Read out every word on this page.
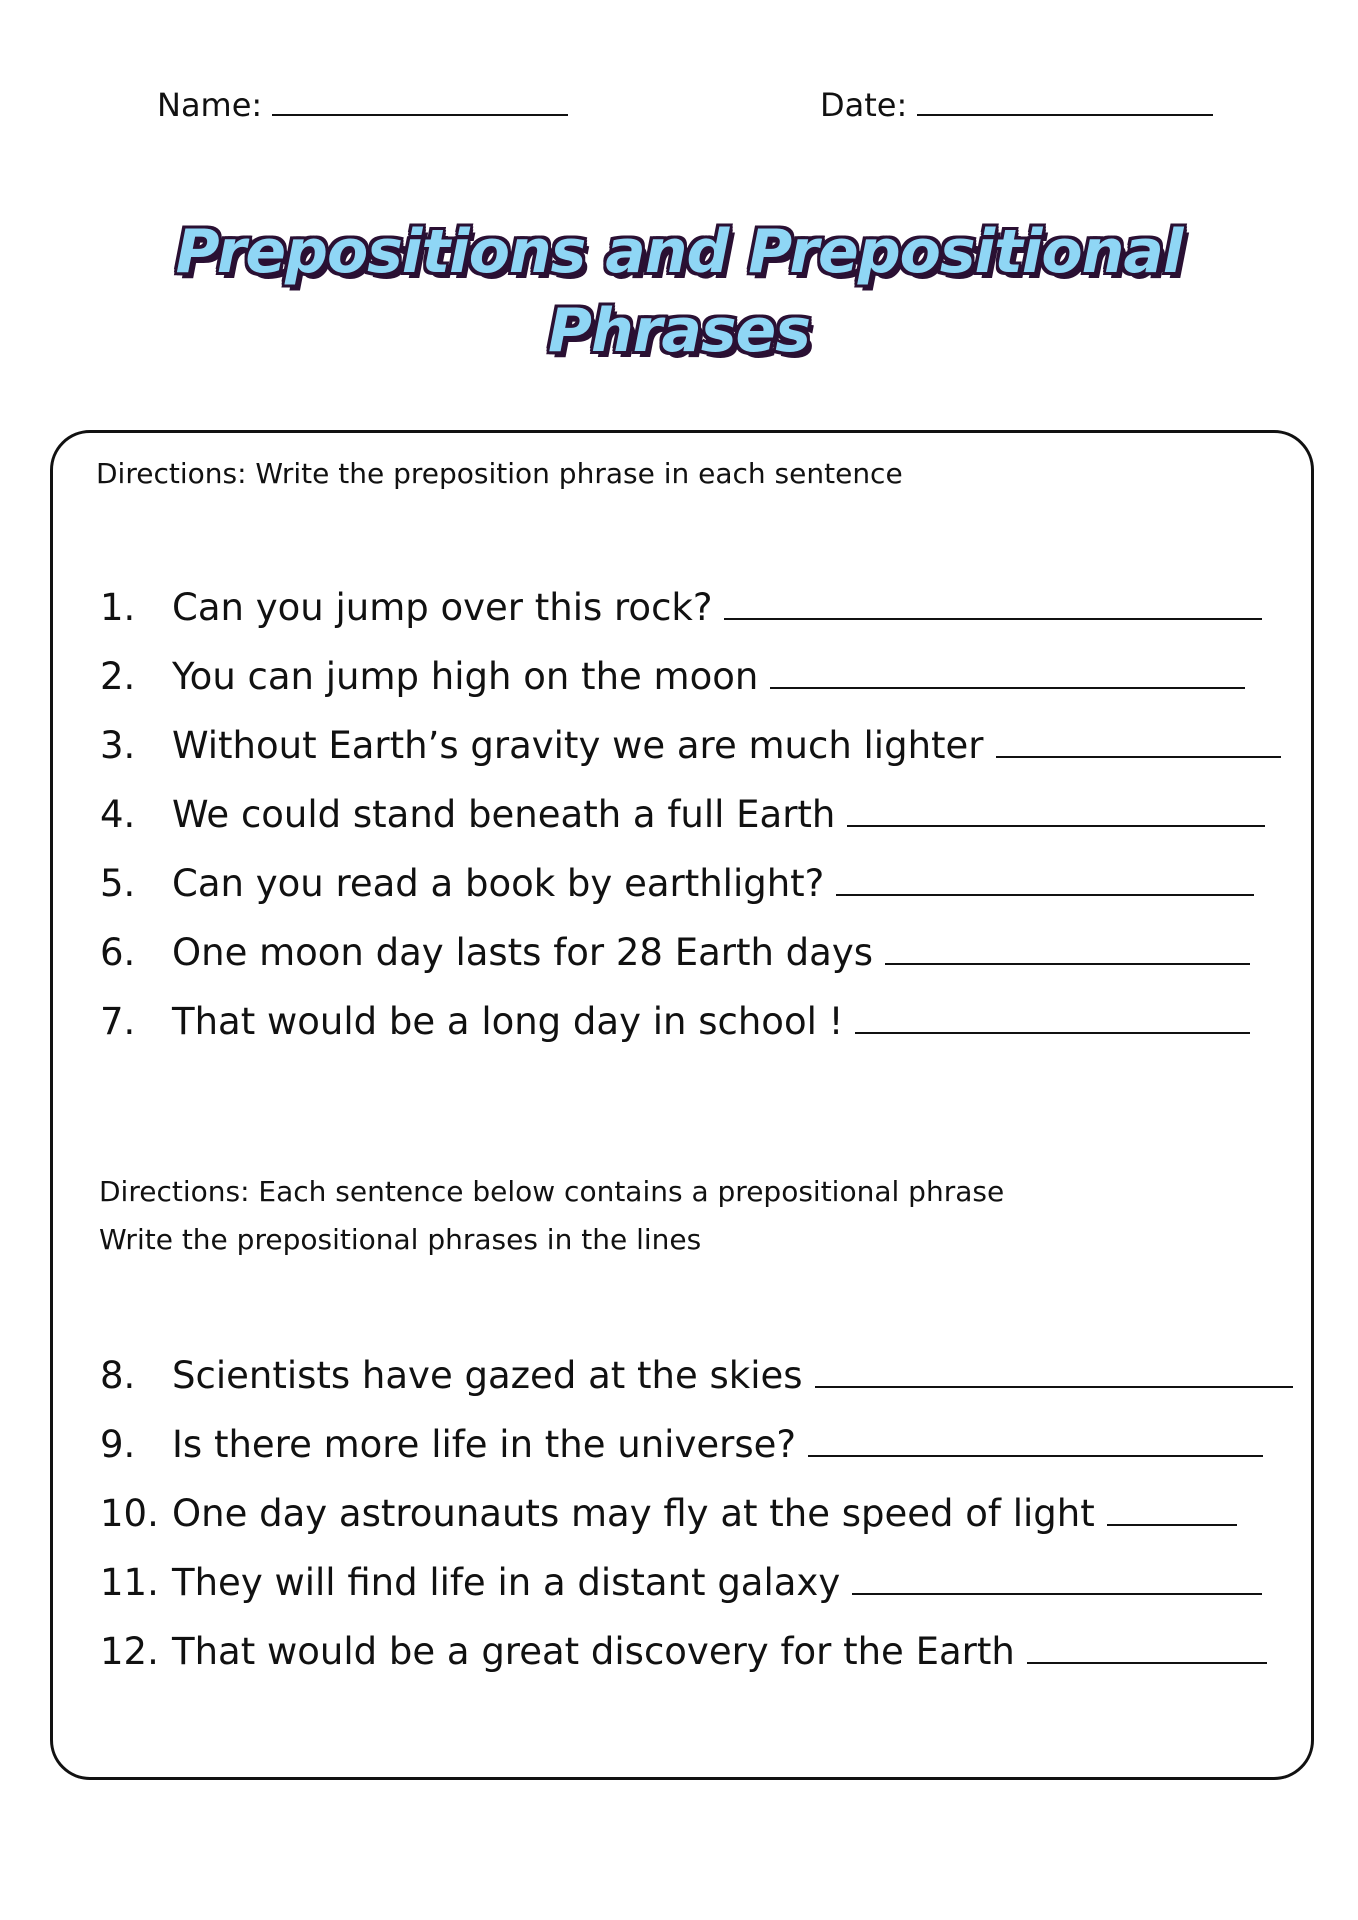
Name:	Date:
Prepositions and Prepositional
Phrases
Directions: Write the preposition phrase in each sentence
1. Can you jump over this rock?
2. You can jump high on the moon
3. Without Earth’s gravity we are much lighter
4. We could stand beneath a full Earth
5. Can you read a book by earthlight?
6. One moon day lasts for 28 Earth days
7. That would be a long day in school !
Directions: Each sentence below contains a prepositional phrase
Write the prepositional phrases in the lines
8. Scientists have gazed at the skies
9. Is there more life in the universe?
10. One day astrounauts may fly at the speed of light
11. They will find life in a distant galaxy
12. That would be a great discovery for the Earth
